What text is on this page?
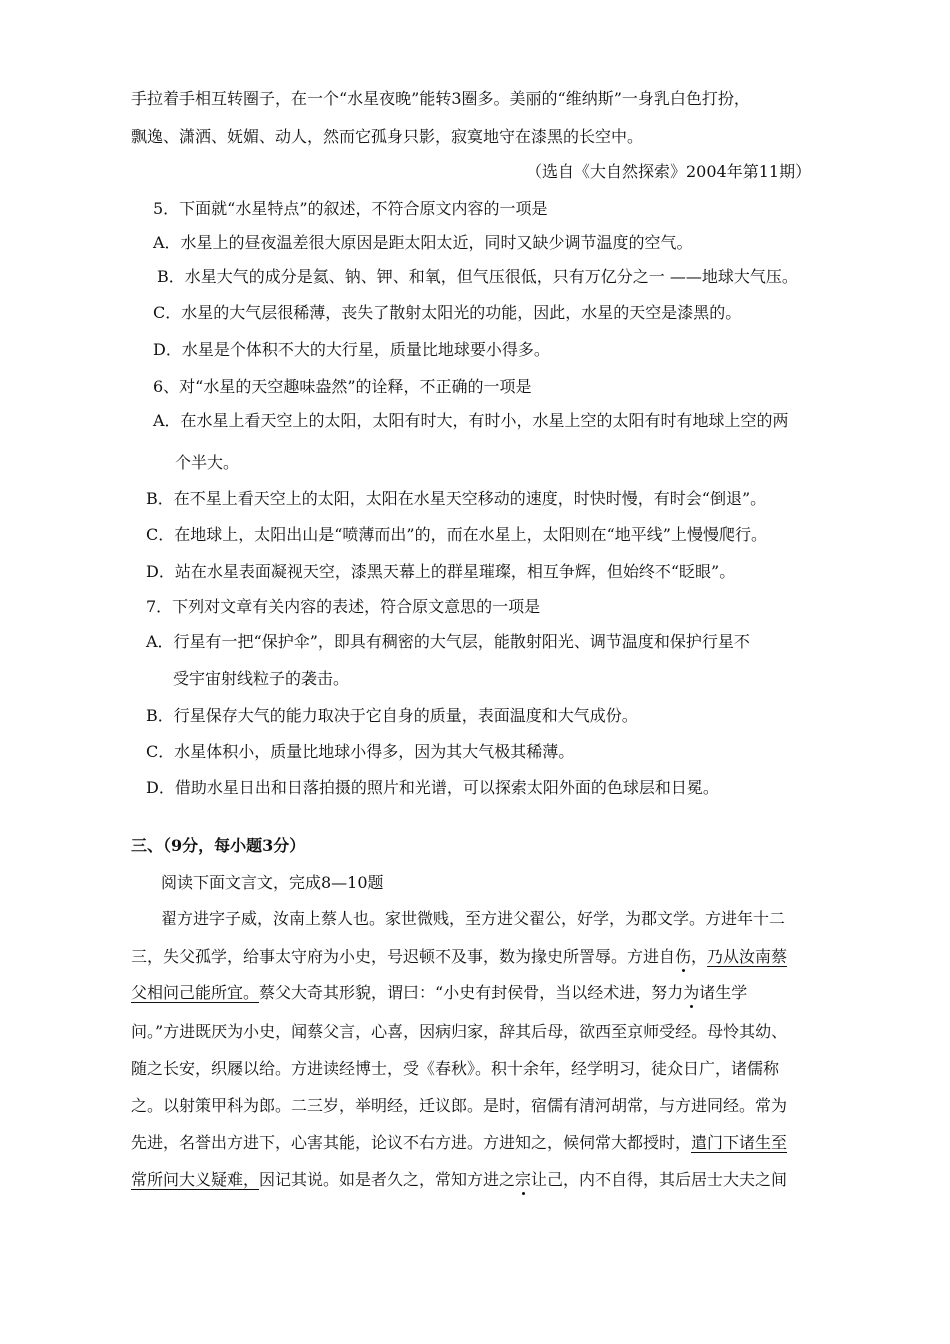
手拉着手相互转圈子，在一个“水星夜晚”能转3圈多。美丽的“维纳斯”一身乳白色打扮，
飘逸、潇洒、妩媚、动人，然而它孤身只影，寂寞地守在漆黑的长空中。
（选自《大自然探索》2004年第11期）
5．下面就“水星特点”的叙述，不符合原文内容的一项是
A．水星上的昼夜温差很大原因是距太阳太近，同时又缺少调节温度的空气。
B．水星大气的成分是氦、钠、钾、和氧，但气压很低，只有万亿分之一 ——地球大气压。
C．水星的大气层很稀薄，丧失了散射太阳光的功能，因此，水星的天空是漆黑的。
D．水星是个体积不大的大行星，质量比地球要小得多。
6、对“水星的天空趣味盎然”的诠释，不正确的一项是
A．在水星上看天空上的太阳，太阳有时大，有时小，水星上空的太阳有时有地球上空的两
个半大。
B．在不星上看天空上的太阳，太阳在水星天空移动的速度，时快时慢，有时会“倒退”。
C．在地球上，太阳出山是“喷薄而出”的，而在水星上，太阳则在“地平线”上慢慢爬行。
D．站在水星表面凝视天空，漆黑天幕上的群星璀璨，相互争辉，但始终不“眨眼”。
7．下列对文章有关内容的表述，符合原文意思的一项是
A．行星有一把“保护伞”，即具有稠密的大气层，能散射阳光、调节温度和保护行星不
受宇宙射线粒子的袭击。
B．行星保存大气的能力取决于它自身的质量，表面温度和大气成份。
C．水星体积小，质量比地球小得多，因为其大气极其稀薄。
D．借助水星日出和日落拍摄的照片和光谱，可以探索太阳外面的色球层和日冕。
三、（9分，每小题3分）
阅读下面文言文，完成8—10题
翟方进字子威，汝南上蔡人也。家世微贱，至方进父翟公，好学，为郡文学。方进年十二
三，失父孤学，给事太守府为小史，号迟顿不及事，数为掾史所詈辱。方进自伤，乃从汝南蔡
父相问己能所宜。蔡父大奇其形貌，谓曰：“小史有封侯骨，当以经术进，努力为诸生学
问。”方进既厌为小史，闻蔡父言，心喜，因病归家，辞其后母，欲西至京师受经。母怜其幼、
随之长安，织屦以给。方进读经博士，受《春秋》。积十余年，经学明习，徒众日广，诸儒称
之。以射策甲科为郎。二三岁，举明经，迁议郎。是时，宿儒有清河胡常，与方进同经。常为
先进，名誉出方进下，心害其能，论议不右方进。方进知之，候伺常大都授时，遣门下诸生至
常所问大义疑难，因记其说。如是者久之，常知方进之宗让己，内不自得，其后居士大夫之间
